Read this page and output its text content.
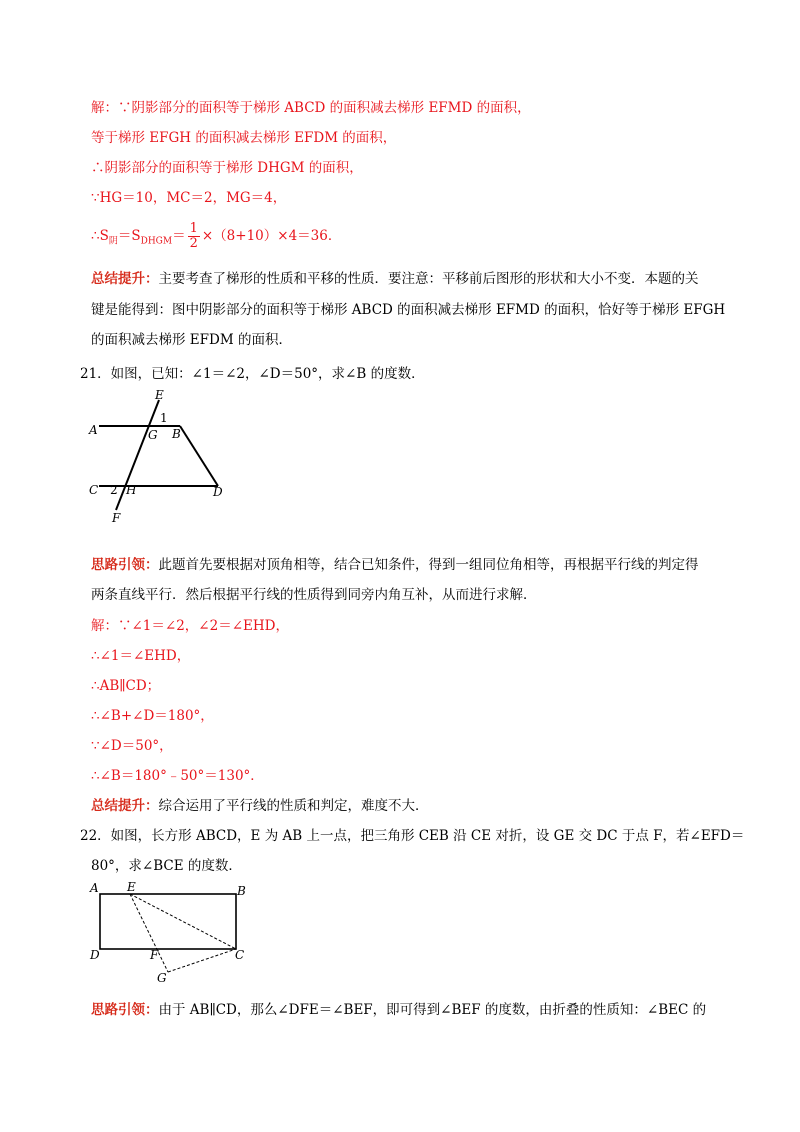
解：∵阴影部分的面积等于梯形 ABCD 的面积减去梯形 EFMD 的面积，
等于梯形 EFGH 的面积减去梯形 EFDM 的面积，
∴阴影部分的面积等于梯形 DHGM 的面积，
∵HG＝10，MC＝2，MG＝4，
$\therefore S_阴=S_{DHGM}= \frac{1}{2} \times(8+10)\times 4=36$．
总结提升：主要考查了梯形的性质和平移的性质．要注意：平移前后图形的形状和大小不变．本题的关
键是能得到：图中阴影部分的面积等于梯形 ABCD 的面积减去梯形 EFMD 的面积，恰好等于梯形 EFGH
的面积减去梯形 EFDM 的面积．
21．如图，已知：∠1＝∠2，∠D＝50°，求∠B 的度数．
E
1
A	G B
C 2 H	D
F
思路引领：此题首先要根据对顶角相等，结合已知条件，得到一组同位角相等，再根据平行线的判定得
两条直线平行．然后根据平行线的性质得到同旁内角互补，从而进行求解．
解：∵∠1＝∠2，∠2＝∠EHD，
∴∠1＝∠EHD，
∴AB∥CD；
∴∠B+∠D＝180°，
∵∠D＝50°，
∴∠B＝180°﹣50°＝130°．
总结提升：综合运用了平行线的性质和判定，难度不大．
22．如图，长方形 ABCD，E 为 AB 上一点，把三角形 CEB 沿 CE 对折，设 GE 交 DC 于点 F，若∠EFD＝
80°，求∠BCE 的度数．
A E	B
D	F	C
G
思路引领：由于 AB∥CD，那么∠DFE＝∠BEF，即可得到∠BEF 的度数，由折叠的性质知：∠BEC 的
